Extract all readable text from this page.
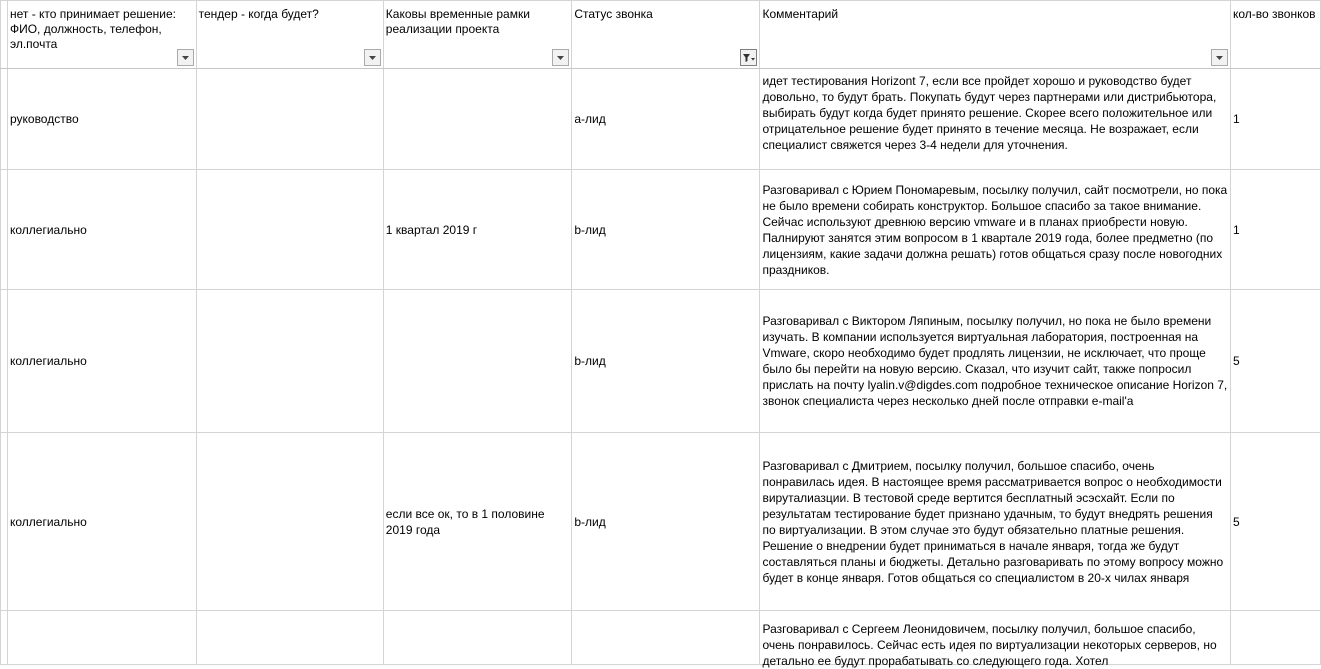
	нет - кто принимает решение: ФИО, должность, телефон, эл.почта	тендер - когда будет?	Каковы временные рамки реализации проекта	Статус звонка	Комментарий	кол-во звонков

	руководство			a-лид	идет тестирования Horizont 7, если все пройдет хорошо и руководство будет довольно, то будут брать. Покупать будут через партнерами или дистрибьютора, выбирать будут когда будет принято решение. Скорее всего положительное или отрицательное решение будет принято в течение месяца. Не возражает, если специалист свяжется через 3-4 недели для уточнения.	1
	коллегиально		1 квартал 2019 г	b-лид	Разговаривал с Юрием Пономаревым, посылку получил, сайт посмотрели, но пока не было времени собирать конструктор. Большое спасибо за такое внимание. Сейчас используют древнюю версию vmware и в планах приобрести новую. Палнируют занятся этим вопросом в 1 квартале 2019 года, более предметно (по лицензиям, какие задачи должна решать) готов общаться сразу после новогодних праздников.	1
	коллегиально			b-лид	Разговаривал с Виктором Ляпиным, посылку получил, но пока не было времени изучать. В компании используется виртуальная лаборатория, построенная на Vmware, скоро необходимо будет продлять лицензии, не исключает, что проще было бы перейти на новую версию. Сказал, что изучит сайт, также попросил прислать на почту lyalin.v@digdes.com подробное техническое описание Horizon 7, звонок специалиста через несколько дней после отправки e-mail'a	5
	коллегиально		если все ок, то в 1 половине 2019 года	b-лид	Разговаривал с Дмитрием, посылку получил, большое спасибо, очень понравилась идея. В настоящее время рассматривается вопрос о необходимости вируталиазции. В тестовой среде вертится бесплатный эсэсхайт. Если по результатам тестирование будет признано удачным, то будут внедрять решения по виртуализации. В этом случае это будут обязательно платные решения. Решение о внедрении будет приниматься в начале января, тогда же будут составляться планы и бюджеты. Детально разговаривать по этому вопросу можно будет в конце января. Готов общаться со специалистом в 20-х чилах января	5

					Разговаривал с Сергеем Леонидовичем, посылку получил, большое спасибо, очень понравилось. Сейчас есть идея по виртуализации некоторых серверов, но детально ее будут прорабатывать со следующего года. Хотел	
